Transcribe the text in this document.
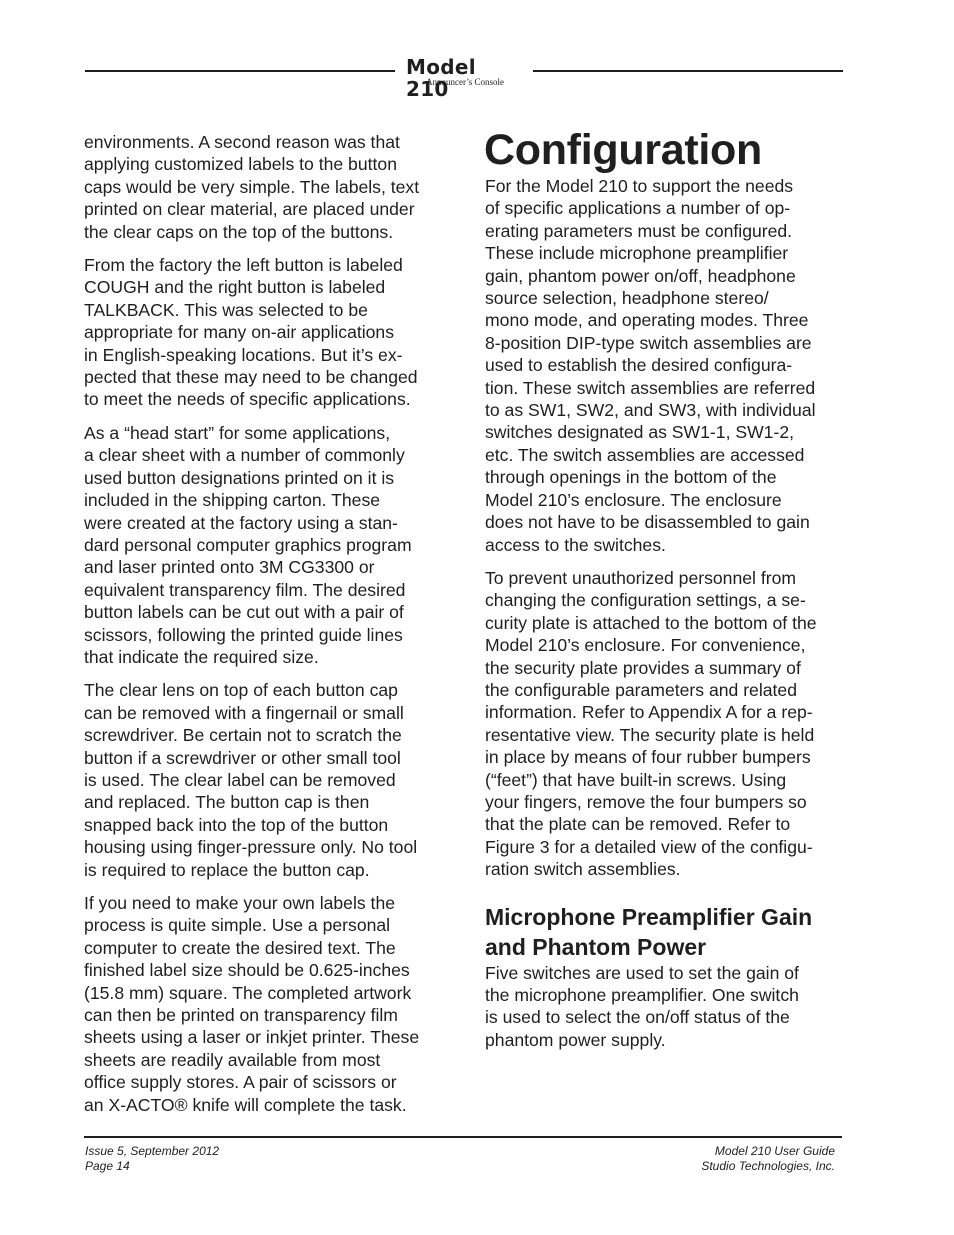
Model 210
Announcer’s Console

environments. A second reason was that
applying customized labels to the button
caps would be very simple. The labels, text
printed on clear material, are placed under
the clear caps on the top of the buttons.

From the factory the left button is labeled
COUGH and the right button is labeled
TALKBACK. This was selected to be
appropriate for many on-air applications
in English-speaking locations. But it’s ex-
pected that these may need to be changed
to meet the needs of specific applications.

As a “head start” for some applications,
a clear sheet with a number of commonly
used button designations printed on it is
included in the shipping carton. These
were created at the factory using a stan-
dard personal computer graphics program
and laser printed onto 3M CG3300 or
equivalent transparency film. The desired
button labels can be cut out with a pair of
scissors, following the printed guide lines
that indicate the required size.

The clear lens on top of each button cap
can be removed with a fingernail or small
screwdriver. Be certain not to scratch the
button if a screwdriver or other small tool
is used. The clear label can be removed
and replaced. The button cap is then
snapped back into the top of the button
housing using finger-pressure only. No tool
is required to replace the button cap.

If you need to make your own labels the
process is quite simple. Use a personal
computer to create the desired text. The
finished label size should be 0.625-inches
(15.8 mm) square. The completed artwork
can then be printed on transparency film
sheets using a laser or inkjet printer. These
sheets are readily available from most
office supply stores. A pair of scissors or
an X-ACTO® knife will complete the task.

Configuration

For the Model 210 to support the needs
of specific applications a number of op-
erating parameters must be configured.
These include microphone preamplifier
gain, phantom power on/off, headphone
source selection, headphone stereo/
mono mode, and operating modes. Three
8-position DIP-type switch assemblies are
used to establish the desired configura-
tion. These switch assemblies are referred
to as SW1, SW2, and SW3, with individual
switches designated as SW1-1, SW1-2,
etc. The switch assemblies are accessed
through openings in the bottom of the
Model 210’s enclosure. The enclosure
does not have to be disassembled to gain
access to the switches.

To prevent unauthorized personnel from
changing the configuration settings, a se-
curity plate is attached to the bottom of the
Model 210’s enclosure. For convenience,
the security plate provides a summary of
the configurable parameters and related
information. Refer to Appendix A for a rep-
resentative view. The security plate is held
in place by means of four rubber bumpers
(“feet”) that have built-in screws. Using
your fingers, remove the four bumpers so
that the plate can be removed. Refer to
Figure 3 for a detailed view of the configu-
ration switch assemblies.

Microphone Preamplifier Gain
and Phantom Power

Five switches are used to set the gain of
the microphone preamplifier. One switch
is used to select the on/off status of the
phantom power supply.

Issue 5, September 2012
Page 14
Model 210 User Guide
Studio Technologies, Inc.
